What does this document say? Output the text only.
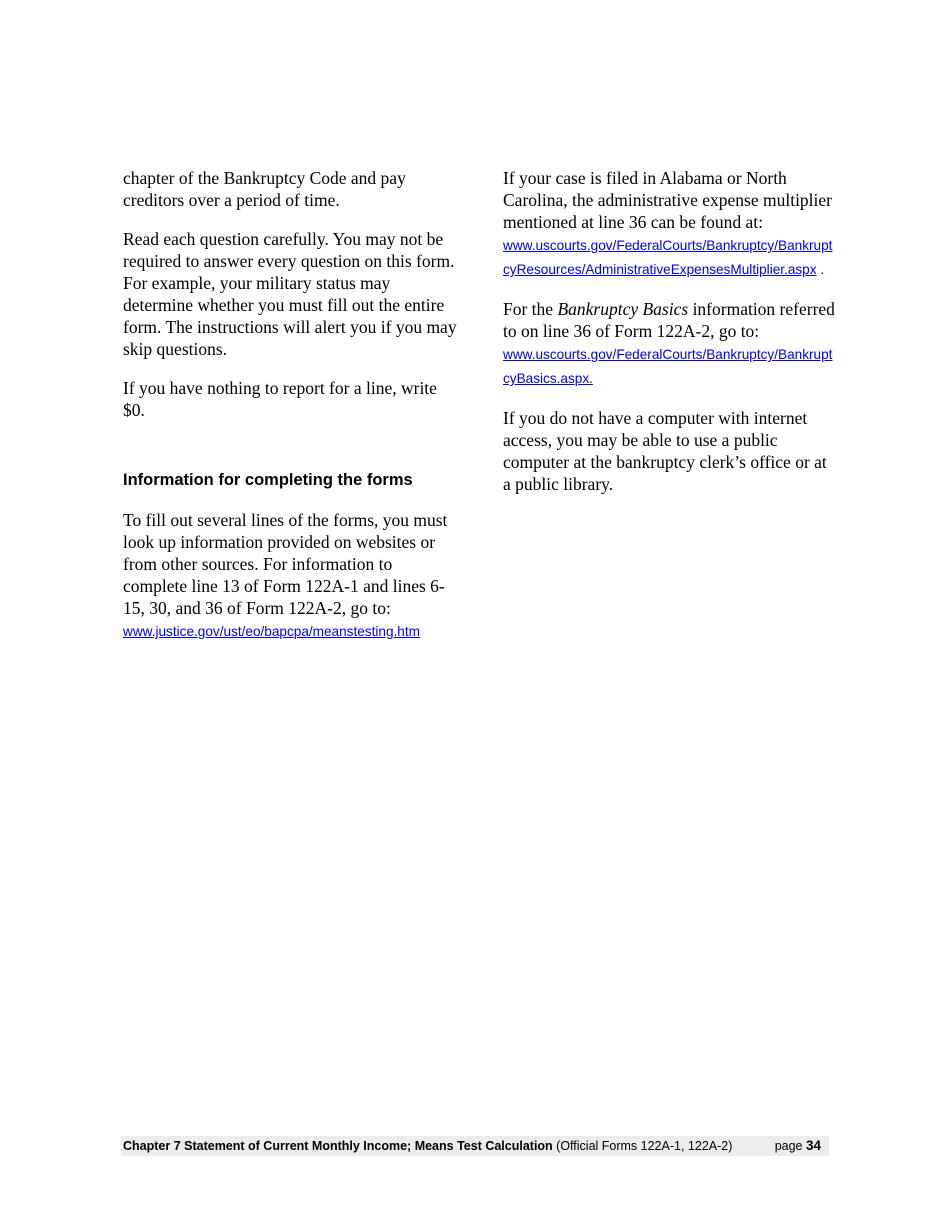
chapter of the Bankruptcy Code and pay creditors over a period of time.

Read each question carefully. You may not be required to answer every question on this form. For example, your military status may determine whether you must fill out the entire form. The instructions will alert you if you may skip questions.

If you have nothing to report for a line, write $0.

Information for completing the forms

To fill out several lines of the forms, you must look up information provided on websites or from other sources. For information to complete line 13 of Form 122A-1 and lines 6-15, 30, and 36 of Form 122A-2, go to:
www.justice.gov/ust/eo/bapcpa/meanstesting.htm

If your case is filed in Alabama or North Carolina, the administrative expense multiplier mentioned at line 36 can be found at:
www.uscourts.gov/FederalCourts/Bankruptcy/BankruptcyResources/AdministrativeExpensesMultiplier.aspx .

For the Bankruptcy Basics information referred to on line 36 of Form 122A-2, go to:
www.uscourts.gov/FederalCourts/Bankruptcy/BankruptcyBasics.aspx.

If you do not have a computer with internet access, you may be able to use a public computer at the bankruptcy clerk’s office or at a public library.

Chapter 7 Statement of Current Monthly Income; Means Test Calculation (Official Forms 122A-1, 122A-2)	page 34
